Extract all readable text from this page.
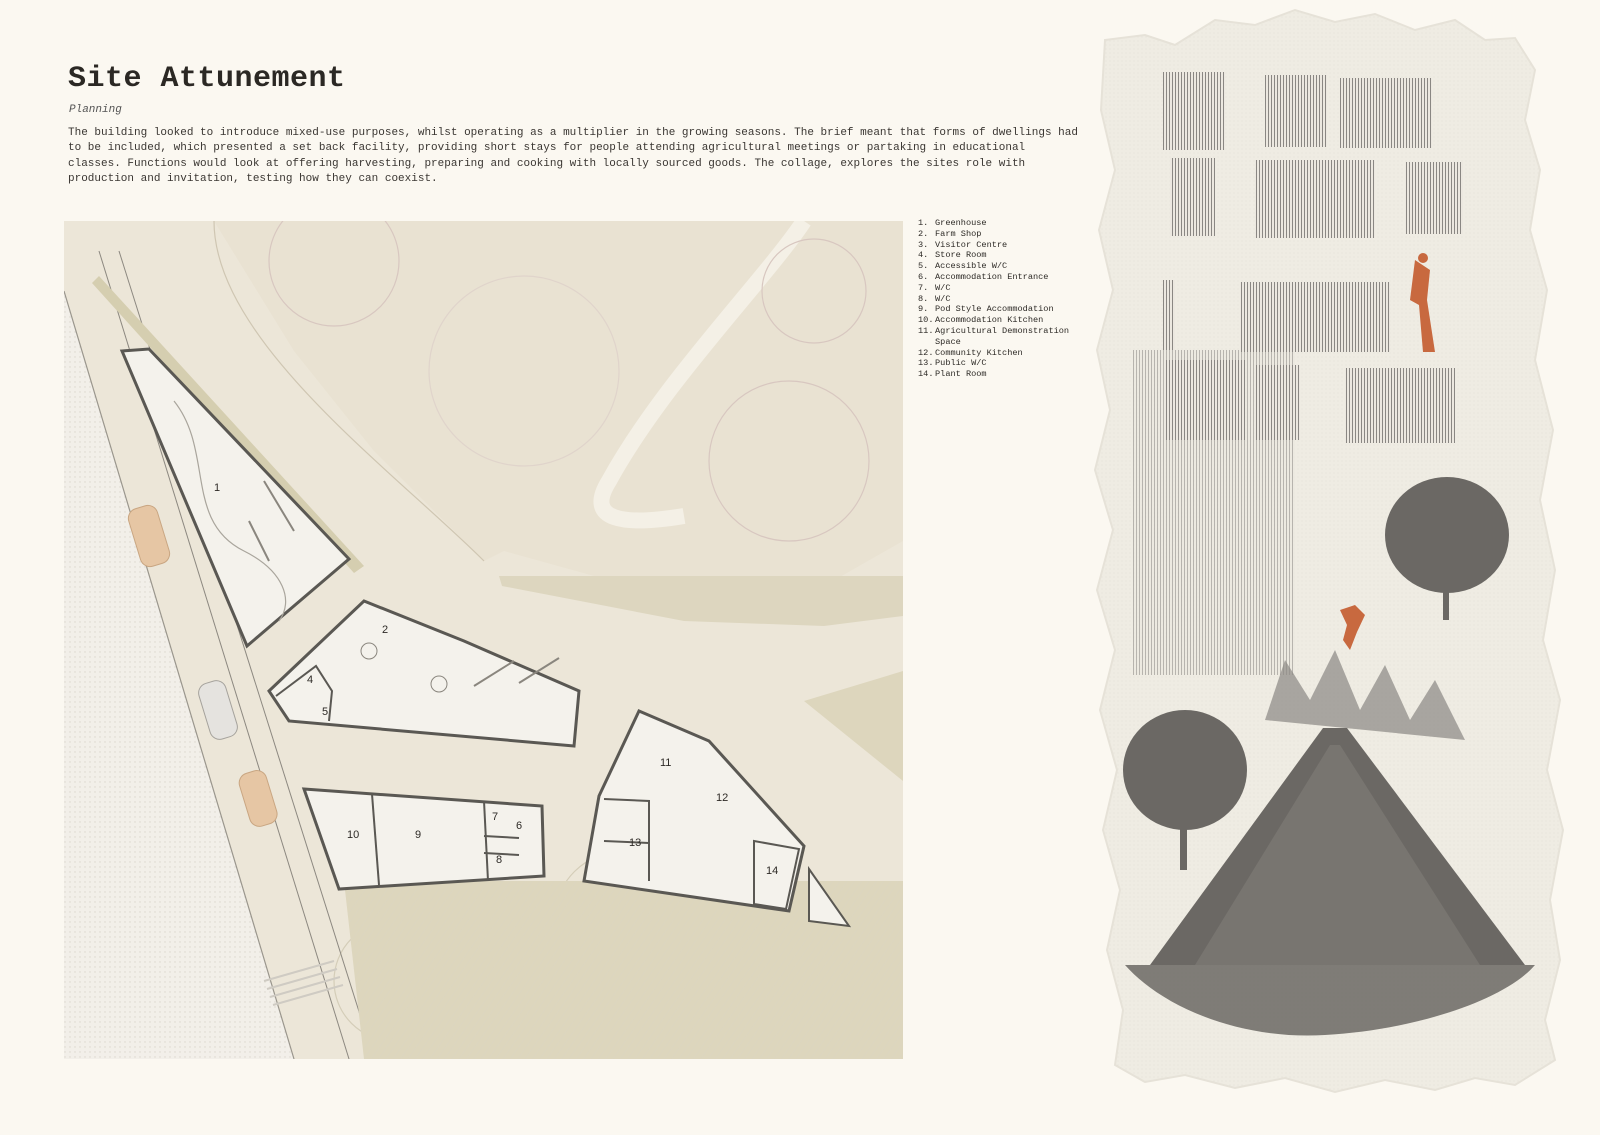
Site Attunement
Planning
The building looked to introduce mixed-use purposes, whilst operating as a multiplier in the growing seasons. The brief meant that forms of dwellings had to be included, which presented a set back facility, providing short stays for people attending agricultural meetings or partaking in educational classes. Functions would look at offering harvesting, preparing and cooking with locally sourced goods. The collage, explores the sites role with production and invitation, testing how they can coexist.
1
2
4
5
10	9
7
6
8
11
12
13
14
1. Greenhouse
2. Farm Shop
3. Visitor Centre
4. Store Room
5. Accessible W/C
6. Accommodation Entrance
7. W/C
8. W/C
9. Pod Style Accommodation
10. Accommodation Kitchen
11. Agricultural Demonstration Space
12. Community Kitchen
13. Public W/C
14. Plant Room
